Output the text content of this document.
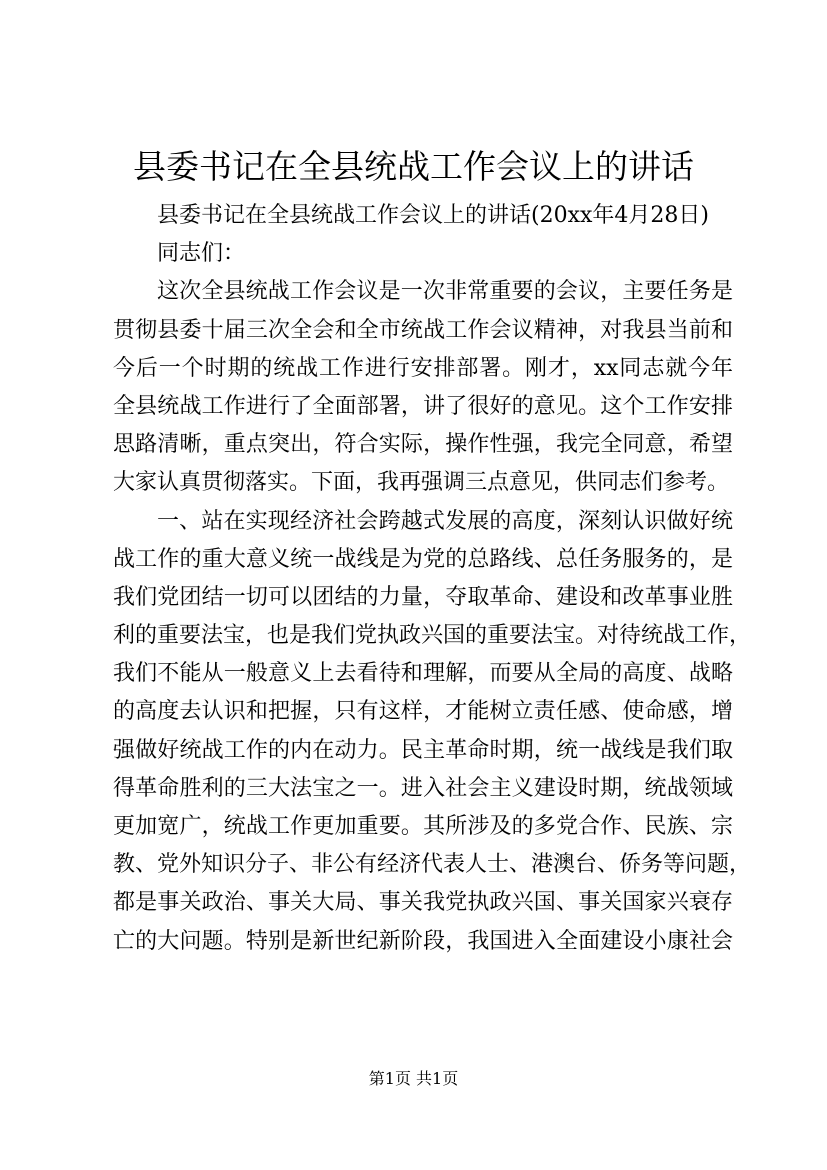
县委书记在全县统战工作会议上的讲话
县委书记在全县统战工作会议上的讲话(20xx年4月28日)
同志们：
这次全县统战工作会议是一次非常重要的会议，主要任务是
贯彻县委十届三次全会和全市统战工作会议精神，对我县当前和
今后一个时期的统战工作进行安排部署。刚才，xx同志就今年
全县统战工作进行了全面部署，讲了很好的意见。这个工作安排
思路清晰，重点突出，符合实际，操作性强，我完全同意，希望
大家认真贯彻落实。下面，我再强调三点意见，供同志们参考。
一、站在实现经济社会跨越式发展的高度，深刻认识做好统
战工作的重大意义统一战线是为党的总路线、总任务服务的，是
我们党团结一切可以团结的力量，夺取革命、建设和改革事业胜
利的重要法宝，也是我们党执政兴国的重要法宝。对待统战工作，
我们不能从一般意义上去看待和理解，而要从全局的高度、战略
的高度去认识和把握，只有这样，才能树立责任感、使命感，增
强做好统战工作的内在动力。民主革命时期，统一战线是我们取
得革命胜利的三大法宝之一。进入社会主义建设时期，统战领域
更加宽广，统战工作更加重要。其所涉及的多党合作、民族、宗
教、党外知识分子、非公有经济代表人士、港澳台、侨务等问题，
都是事关政治、事关大局、事关我党执政兴国、事关国家兴衰存
亡的大问题。特别是新世纪新阶段，我国进入全面建设小康社会
第1页 共1页
